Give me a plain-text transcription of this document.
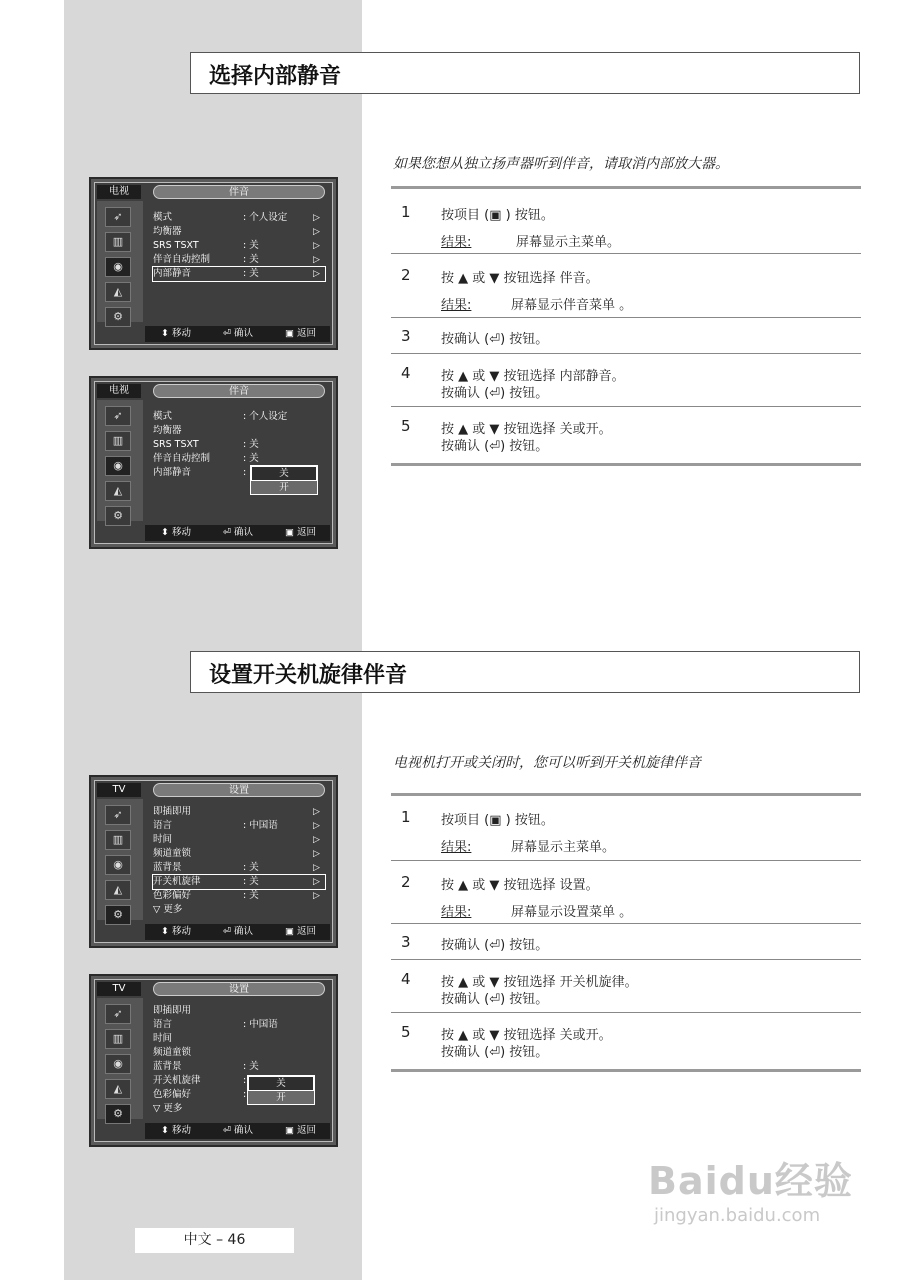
选择内部静音
如果您想从独立扬声器听到伴音，请取消内部放大器。
1 按项目 (▣ ) 按钮。
结果:	屏幕显示主菜单。
2 按 ▲ 或 ▼ 按钮选择 伴音。
结果:	屏幕显示伴音菜单 。
3 按确认 (⏎) 按钮。
4 按 ▲ 或 ▼ 按钮选择 内部静音。
按确认 (⏎) 按钮。
5 按 ▲ 或 ▼ 按钮选择 关或开。
按确认 (⏎) 按钮。
电视	伴音
➶
▥
◉
◭
⚙
模式	: 个人设定	▷
均衡器	▷
SRS TSXT	: 关	▷
伴音自动控制	: 关	▷
内部静音	: 关	▷
⬍ 移动	⏎ 确认	▣ 返回
电视	伴音
➶
▥
◉
◭
⚙
模式	: 个人设定
均衡器
SRS TSXT	: 关
伴音自动控制	: 关
内部静音	:	关
开
⬍ 移动	⏎ 确认	▣ 返回
设置开关机旋律伴音
电视机打开或关闭时，您可以听到开关机旋律伴音
1 按项目 (▣ ) 按钮。
结果:	屏幕显示主菜单。
2 按 ▲ 或 ▼ 按钮选择 设置。
结果:	屏幕显示设置菜单 。
3 按确认 (⏎) 按钮。
4 按 ▲ 或 ▼ 按钮选择 开关机旋律。
按确认 (⏎) 按钮。
5 按 ▲ 或 ▼ 按钮选择 关或开。
按确认 (⏎) 按钮。
TV	设置
➶
▥
◉
◭
⚙
即插即用	▷
语言	: 中国语	▷
时间	▷
频道童锁	▷
蓝背景	: 关	▷
开关机旋律	: 关	▷
色彩偏好	: 关	▷
▽ 更多
⬍ 移动	⏎ 确认	▣ 返回
TV	设置
➶
▥
◉
◭
⚙
即插即用
语言	: 中国语
时间
频道童锁
蓝背景	: 关
开关机旋律	:
色彩偏好	:
▽ 更多
关
开
⬍ 移动	⏎ 确认	▣ 返回
中文 – 46
Baidu经验
jingyan.baidu.com
